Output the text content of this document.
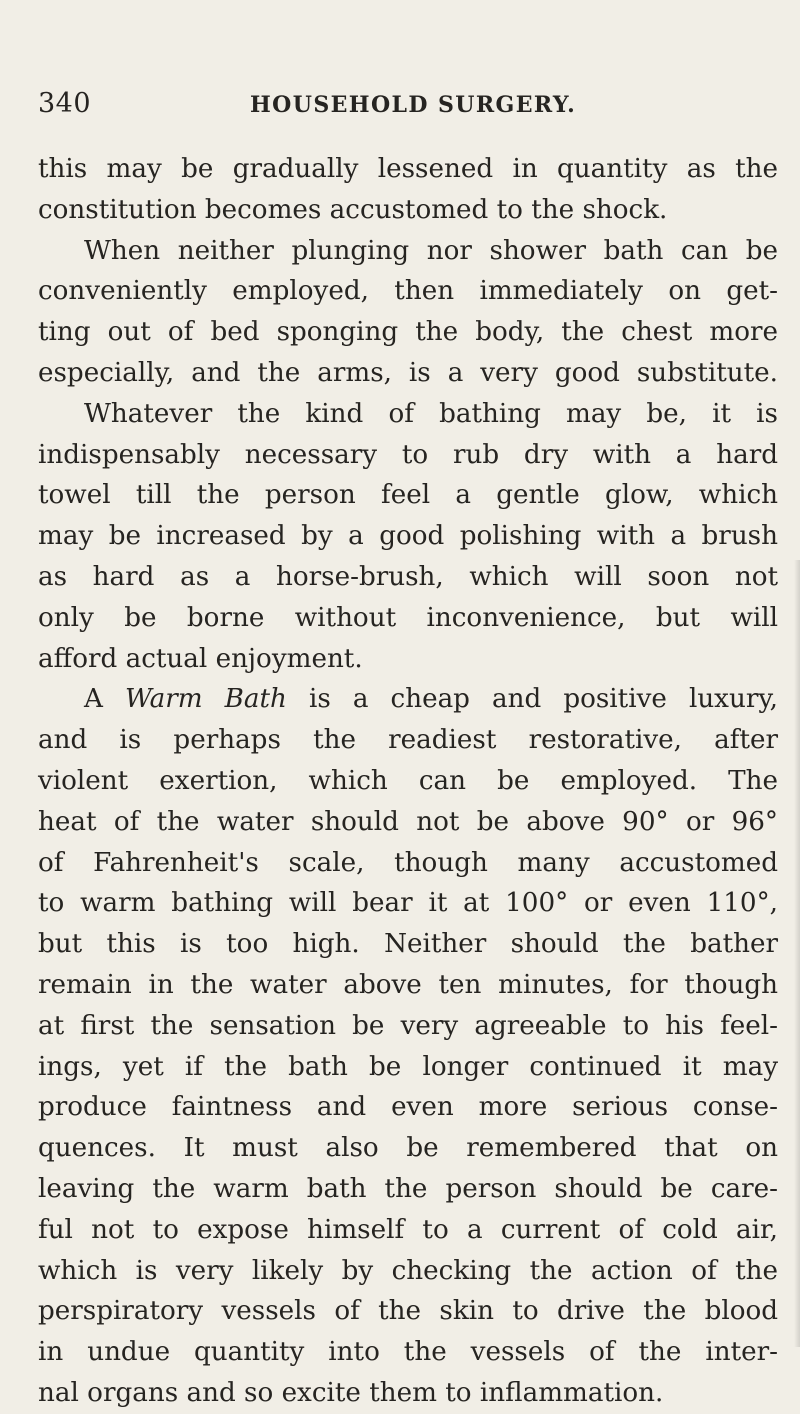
340	HOUSEHOLD SURGERY.
this may be gradually lessened in quantity as the
constitution becomes accustomed to the shock.
When neither plunging nor shower bath can be
conveniently employed, then immediately on get-
ting out of bed sponging the body, the chest more
especially, and the arms, is a very good substitute.
Whatever the kind of bathing may be, it is
indispensably necessary to rub dry with a hard
towel till the person feel a gentle glow, which
may be increased by a good polishing with a brush
as hard as a horse-brush, which will soon not
only be borne without inconvenience, but will
afford actual enjoyment.
A Warm Bath is a cheap and positive luxury,
and is perhaps the readiest restorative, after
violent exertion, which can be employed. The
heat of the water should not be above 90° or 96°
of Fahrenheit's scale, though many accustomed
to warm bathing will bear it at 100° or even 110°,
but this is too high. Neither should the bather
remain in the water above ten minutes, for though
at first the sensation be very agreeable to his feel-
ings, yet if the bath be longer continued it may
produce faintness and even more serious conse-
quences. It must also be remembered that on
leaving the warm bath the person should be care-
ful not to expose himself to a current of cold air,
which is very likely by checking the action of the
perspiratory vessels of the skin to drive the blood
in undue quantity into the vessels of the inter-
nal organs and so excite them to inflammation.
